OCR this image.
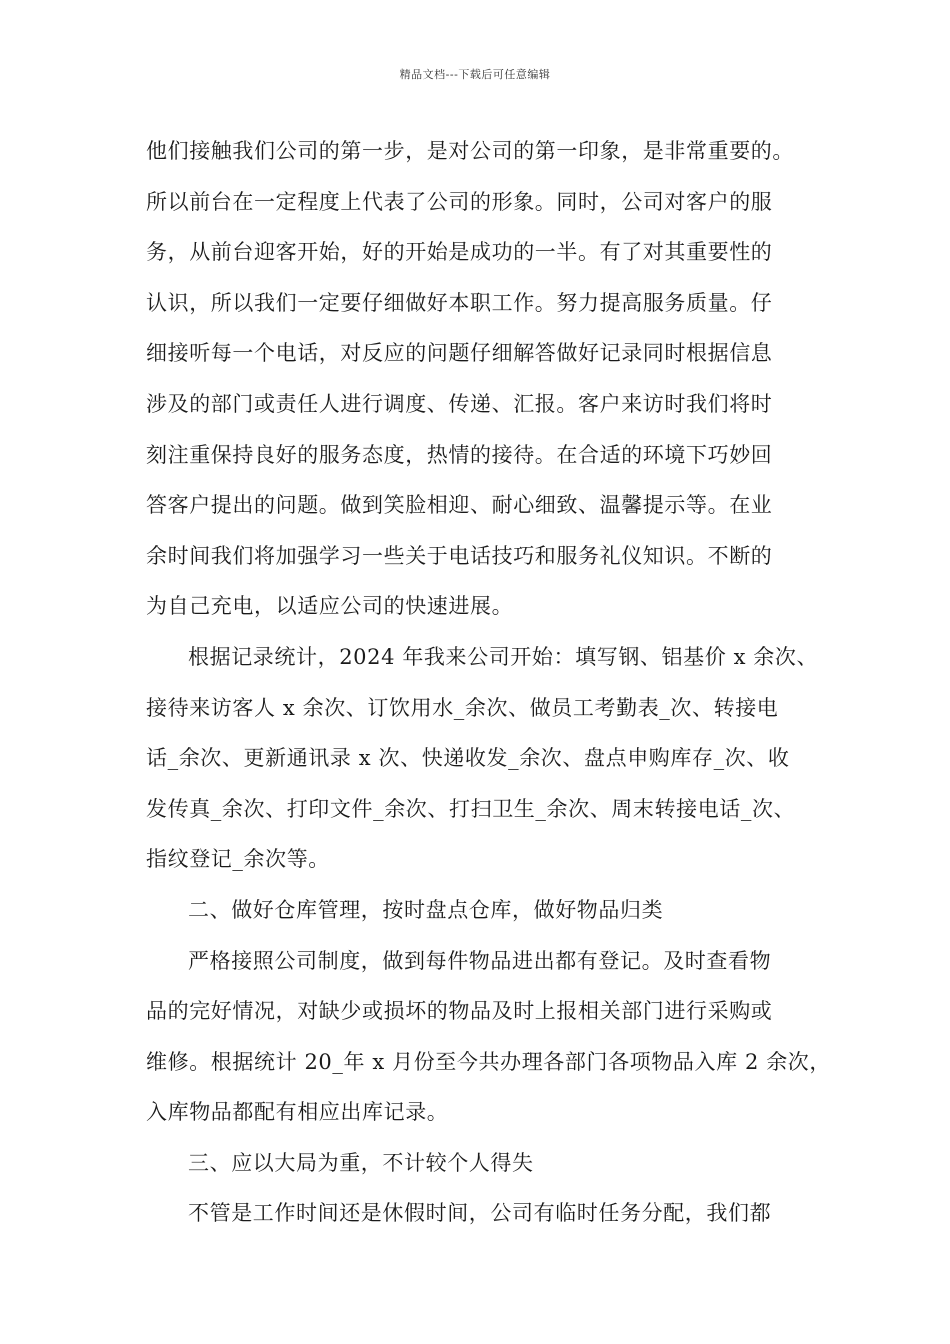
精品文档---下载后可任意编辑
他们接触我们公司的第一步，是对公司的第一印象，是非常重要的。
所以前台在一定程度上代表了公司的形象。同时，公司对客户的服
务，从前台迎客开始，好的开始是成功的一半。有了对其重要性的
认识，所以我们一定要仔细做好本职工作。努力提高服务质量。仔
细接听每一个电话，对反应的问题仔细解答做好记录同时根据信息
涉及的部门或责任人进行调度、传递、汇报。客户来访时我们将时
刻注重保持良好的服务态度，热情的接待。在合适的环境下巧妙回
答客户提出的问题。做到笑脸相迎、耐心细致、温馨提示等。在业
余时间我们将加强学习一些关于电话技巧和服务礼仪知识。不断的
为自己充电，以适应公司的快速进展。
根据记录统计，2024 年我来公司开始：填写钢、铝基价 x 余次、
接待来访客人 x 余次、订饮用水_余次、做员工考勤表_次、转接电
话_余次、更新通讯录 x 次、快递收发_余次、盘点申购库存_次、收
发传真_余次、打印文件_余次、打扫卫生_余次、周末转接电话_次、
指纹登记_余次等。
二、做好仓库管理，按时盘点仓库，做好物品归类
严格接照公司制度，做到每件物品进出都有登记。及时查看物
品的完好情况，对缺少或损坏的物品及时上报相关部门进行采购或
维修。根据统计 20_年 x 月份至今共办理各部门各项物品入库 2 余次，
入库物品都配有相应出库记录。
三、应以大局为重，不计较个人得失
不管是工作时间还是休假时间，公司有临时任务分配，我们都
